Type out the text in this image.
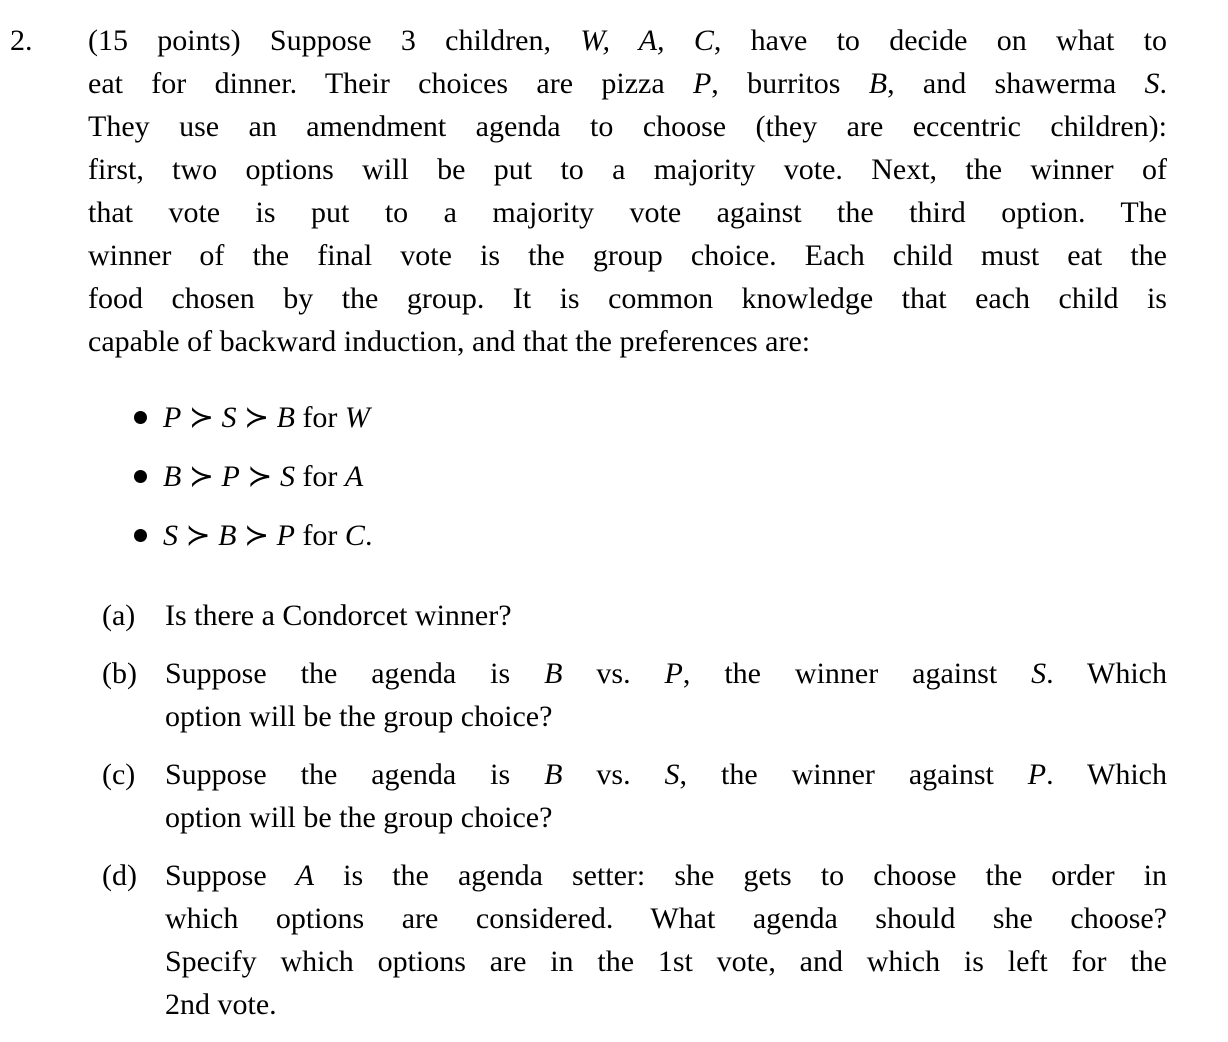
2.	(15 points) Suppose 3 children, W, A, C, have to decide on what to
eat for dinner. Their choices are pizza P, burritos B, and shawerma S.
They use an amendment agenda to choose (they are eccentric children):
first, two options will be put to a majority vote. Next, the winner of
that vote is put to a majority vote against the third option. The
winner of the final vote is the group choice. Each child must eat the
food chosen by the group. It is common knowledge that each child is
capable of backward induction, and that the preferences are:
P ≻ S ≻ B for W
B ≻ P ≻ S for A
S ≻ B ≻ P for C.
(a) Is there a Condorcet winner?
(b) Suppose the agenda is B vs. P, the winner against S. Which
option will be the group choice?
(c) Suppose the agenda is B vs. S, the winner against P. Which
option will be the group choice?
(d) Suppose A is the agenda setter: she gets to choose the order in
which options are considered. What agenda should she choose?
Specify which options are in the 1st vote, and which is left for the
2nd vote.
